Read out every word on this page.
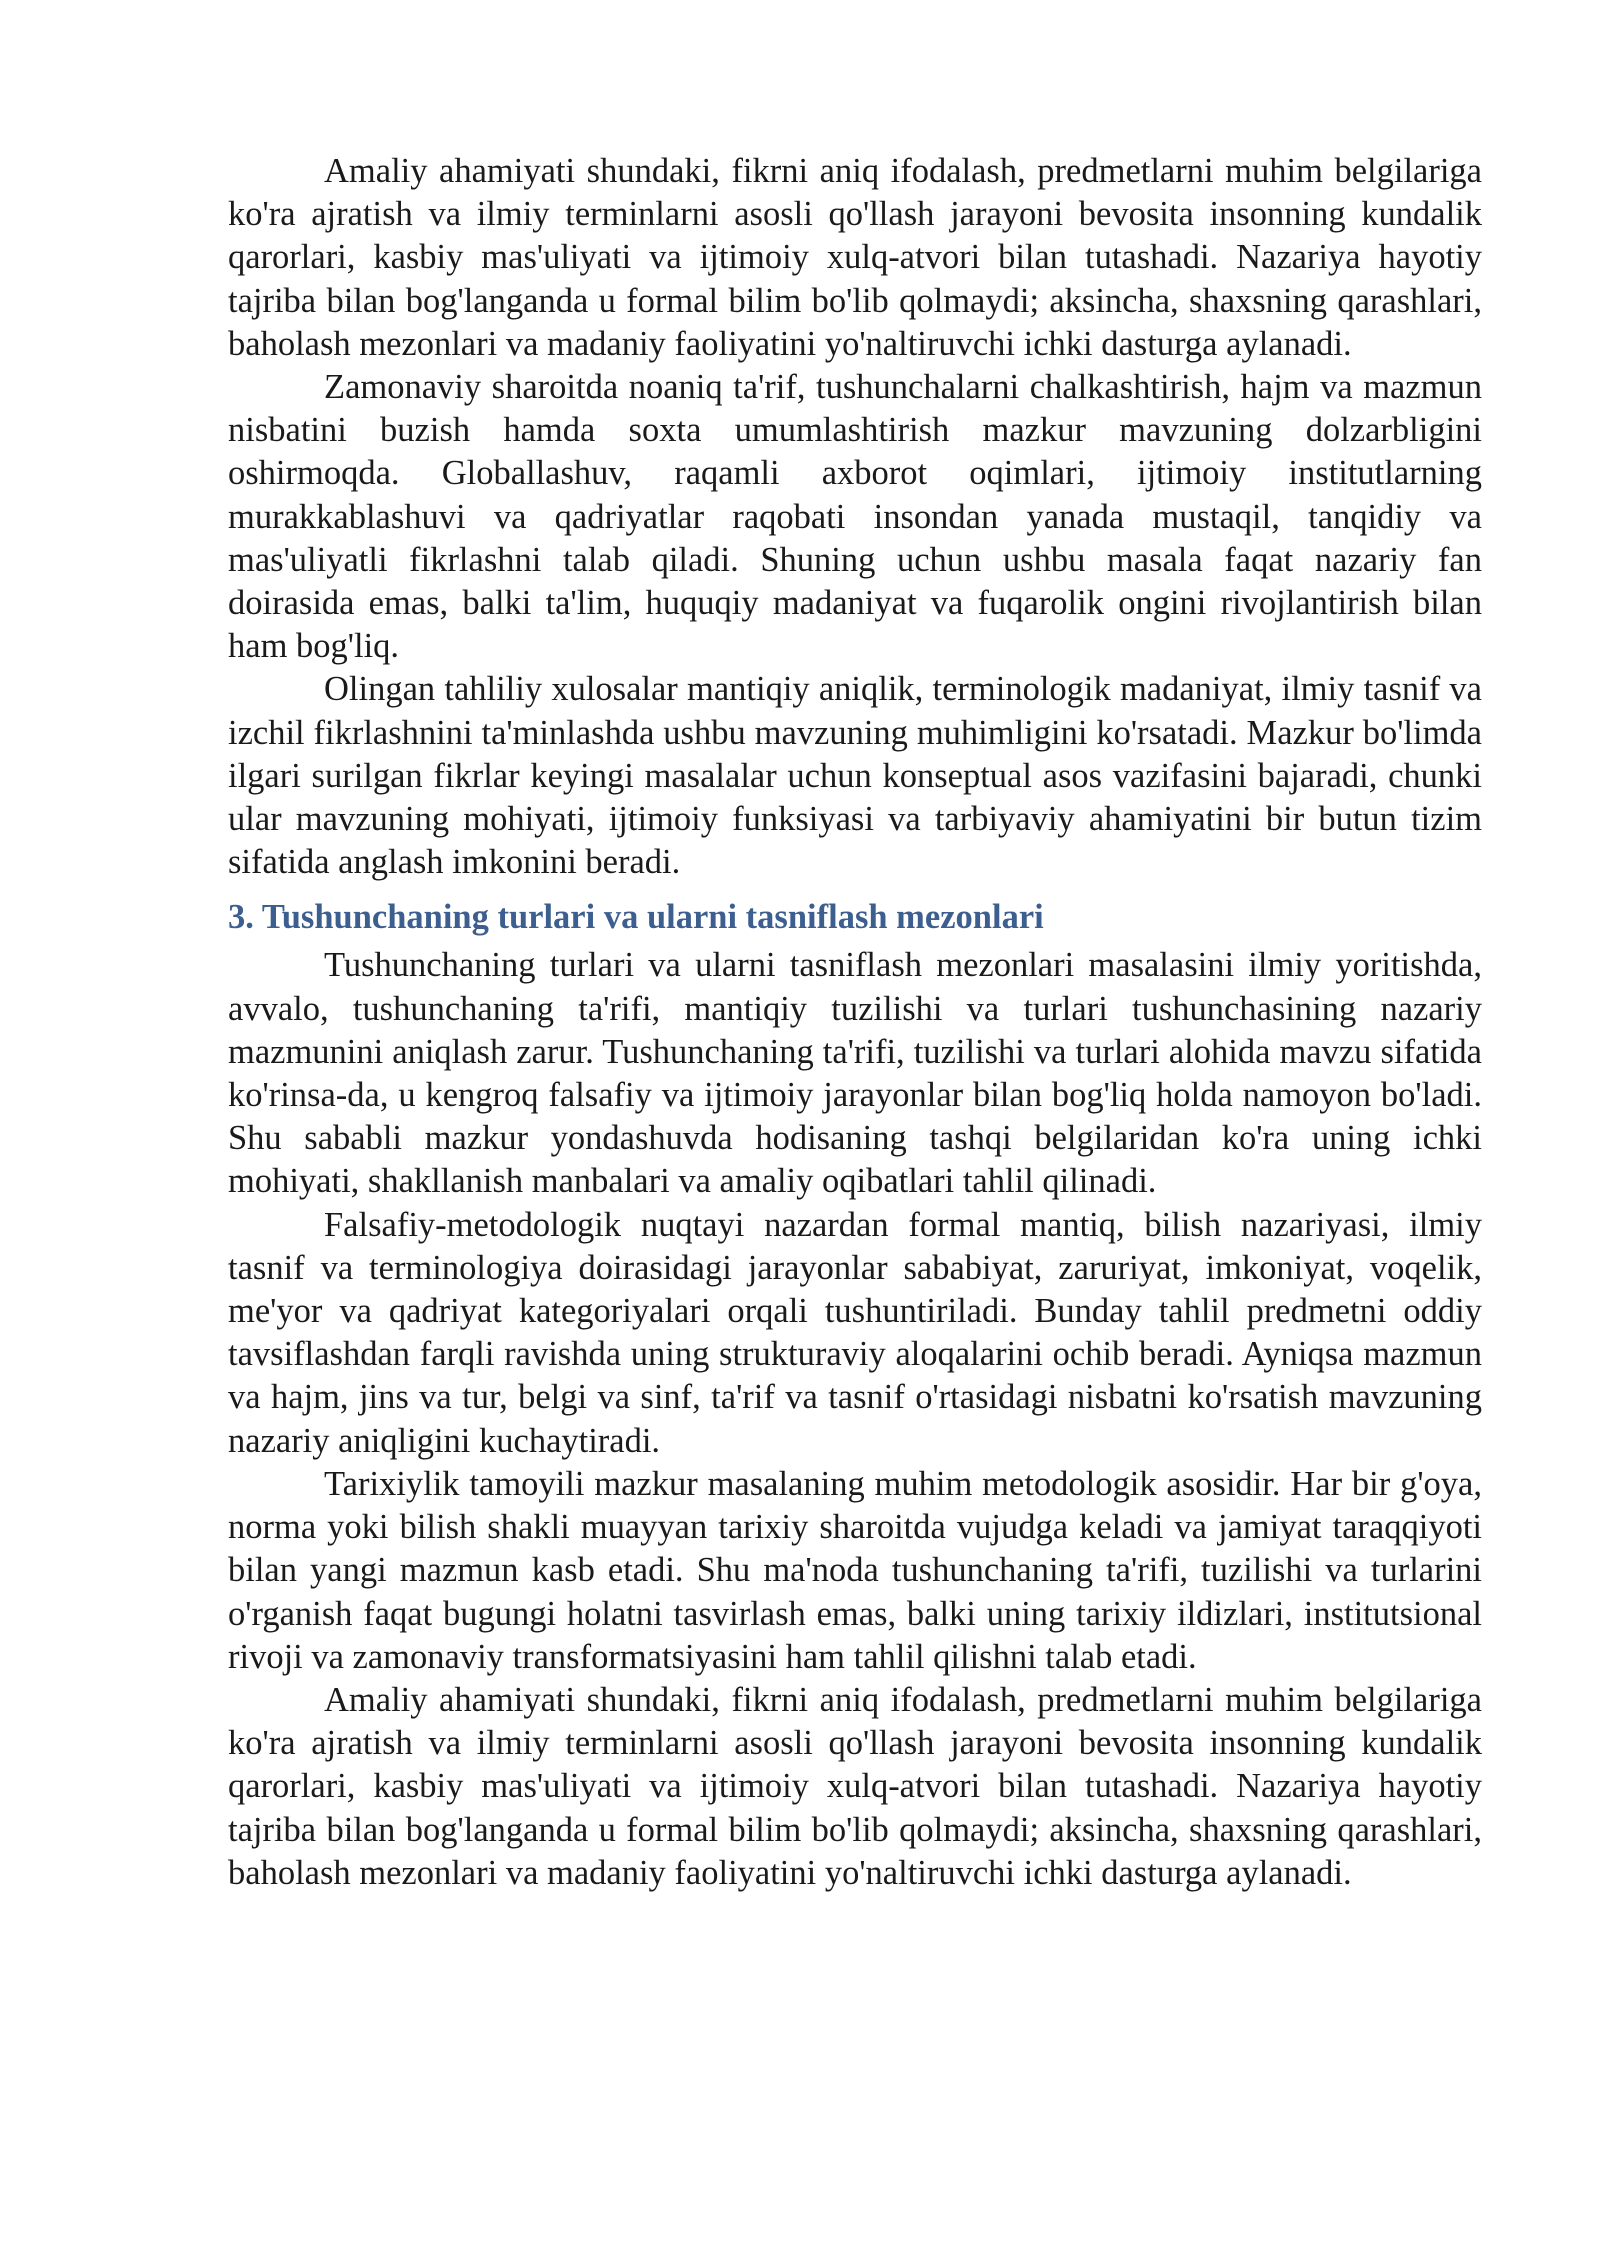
Amaliy ahamiyati shundaki, fikrni aniq ifodalash, predmetlarni muhim belgilariga ko'ra ajratish va ilmiy terminlarni asosli qo'llash jarayoni bevosita insonning kundalik qarorlari, kasbiy mas'uliyati va ijtimoiy xulq-atvori bilan tutashadi. Nazariya hayotiy tajriba bilan bog'langanda u formal bilim bo'lib qolmaydi; aksincha, shaxsning qarashlari, baholash mezonlari va madaniy faoliyatini yo'naltiruvchi ichki dasturga aylanadi.

Zamonaviy sharoitda noaniq ta'rif, tushunchalarni chalkashtirish, hajm va mazmun nisbatini buzish hamda soxta umumlashtirish mazkur mavzuning dolzarbligini oshirmoqda. Globallashuv, raqamli axborot oqimlari, ijtimoiy institutlarning murakkablashuvi va qadriyatlar raqobati insondan yanada mustaqil, tanqidiy va mas'uliyatli fikrlashni talab qiladi. Shuning uchun ushbu masala faqat nazariy fan doirasida emas, balki ta'lim, huquqiy madaniyat va fuqarolik ongini rivojlantirish bilan ham bog'liq.

Olingan tahliliy xulosalar mantiqiy aniqlik, terminologik madaniyat, ilmiy tasnif va izchil fikrlashnini ta'minlashda ushbu mavzuning muhimligini ko'rsatadi. Mazkur bo'limda ilgari surilgan fikrlar keyingi masalalar uchun konseptual asos vazifasini bajaradi, chunki ular mavzuning mohiyati, ijtimoiy funksiyasi va tarbiyaviy ahamiyatini bir butun tizim sifatida anglash imkonini beradi.

3. Tushunchaning turlari va ularni tasniflash mezonlari

Tushunchaning turlari va ularni tasniflash mezonlari masalasini ilmiy yoritishda, avvalo, tushunchaning ta'rifi, mantiqiy tuzilishi va turlari tushunchasining nazariy mazmunini aniqlash zarur. Tushunchaning ta'rifi, tuzilishi va turlari alohida mavzu sifatida ko'rinsa-da, u kengroq falsafiy va ijtimoiy jarayonlar bilan bog'liq holda namoyon bo'ladi. Shu sababli mazkur yondashuvda hodisaning tashqi belgilaridan ko'ra uning ichki mohiyati, shakllanish manbalari va amaliy oqibatlari tahlil qilinadi.

Falsafiy-metodologik nuqtayi nazardan formal mantiq, bilish nazariyasi, ilmiy tasnif va terminologiya doirasidagi jarayonlar sababiyat, zaruriyat, imkoniyat, voqelik, me'yor va qadriyat kategoriyalari orqali tushuntiriladi. Bunday tahlil predmetni oddiy tavsiflashdan farqli ravishda uning strukturaviy aloqalarini ochib beradi. Ayniqsa mazmun va hajm, jins va tur, belgi va sinf, ta'rif va tasnif o'rtasidagi nisbatni ko'rsatish mavzuning nazariy aniqligini kuchaytiradi.

Tarixiylik tamoyili mazkur masalaning muhim metodologik asosidir. Har bir g'oya, norma yoki bilish shakli muayyan tarixiy sharoitda vujudga keladi va jamiyat taraqqiyoti bilan yangi mazmun kasb etadi. Shu ma'noda tushunchaning ta'rifi, tuzilishi va turlarini o'rganish faqat bugungi holatni tasvirlash emas, balki uning tarixiy ildizlari, institutsional rivoji va zamonaviy transformatsiyasini ham tahlil qilishni talab etadi.

Amaliy ahamiyati shundaki, fikrni aniq ifodalash, predmetlarni muhim belgilariga ko'ra ajratish va ilmiy terminlarni asosli qo'llash jarayoni bevosita insonning kundalik qarorlari, kasbiy mas'uliyati va ijtimoiy xulq-atvori bilan tutashadi. Nazariya hayotiy tajriba bilan bog'langanda u formal bilim bo'lib qolmaydi; aksincha, shaxsning qarashlari, baholash mezonlari va madaniy faoliyatini yo'naltiruvchi ichki dasturga aylanadi.
